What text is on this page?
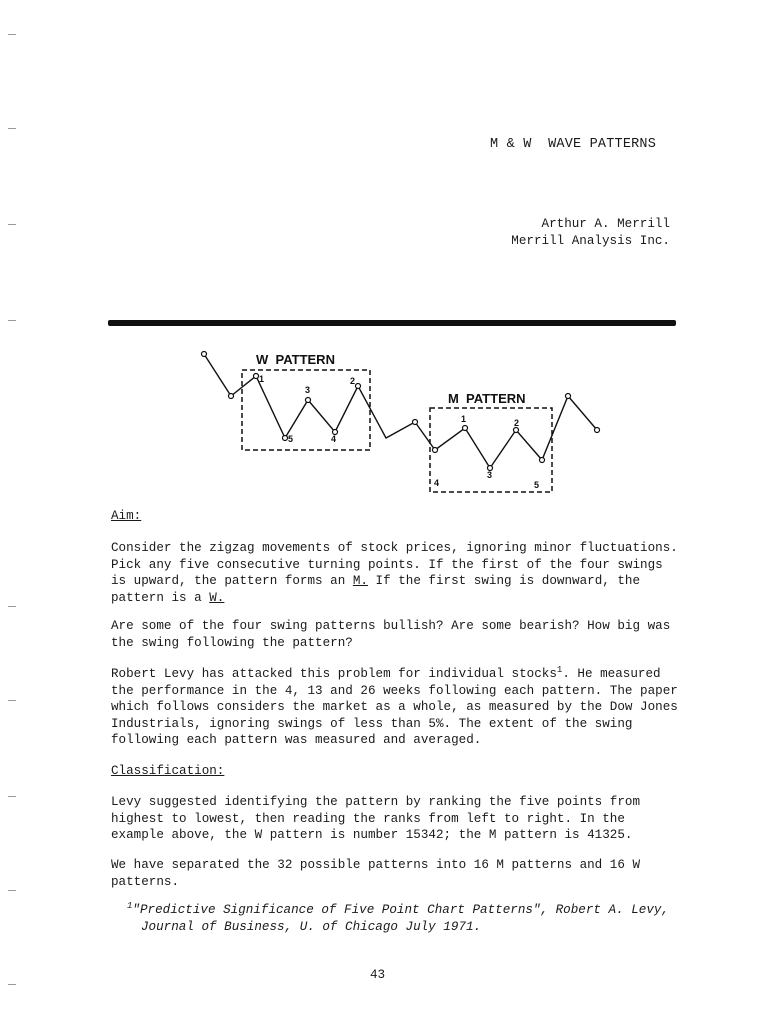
M & W  WAVE PATTERNS
Arthur A. Merrill
Merrill Analysis Inc.
W  PATTERN
M  PATTERN
1
3
2
5	4
1	2
3
4	5
Aim:

Consider the zigzag movements of stock prices, ignoring minor fluctuations. Pick any five consecutive turning points. If the first of the four swings is upward, the pattern forms an M. If the first swing is downward, the pattern is a W.

Are some of the four swing patterns bullish? Are some bearish? How big was the swing following the pattern?

Robert Levy has attacked this problem for individual stocks$^1$. He measured the performance in the 4, 13 and 26 weeks following each pattern. The paper which follows considers the market as a whole, as measured by the Dow Jones Industrials, ignoring swings of less than 5%. The extent of the swing following each pattern was measured and averaged.

Classification:

Levy suggested identifying the pattern by ranking the five points from highest to lowest, then reading the ranks from left to right. In the example above, the W pattern is number 15342; the M pattern is 41325.

We have separated the 32 possible patterns into 16 M patterns and 16 W patterns.

$^1$"Predictive Significance of Five Point Chart Patterns", Robert A. Levy,
Journal of Business, U. of Chicago July 1971.
43
